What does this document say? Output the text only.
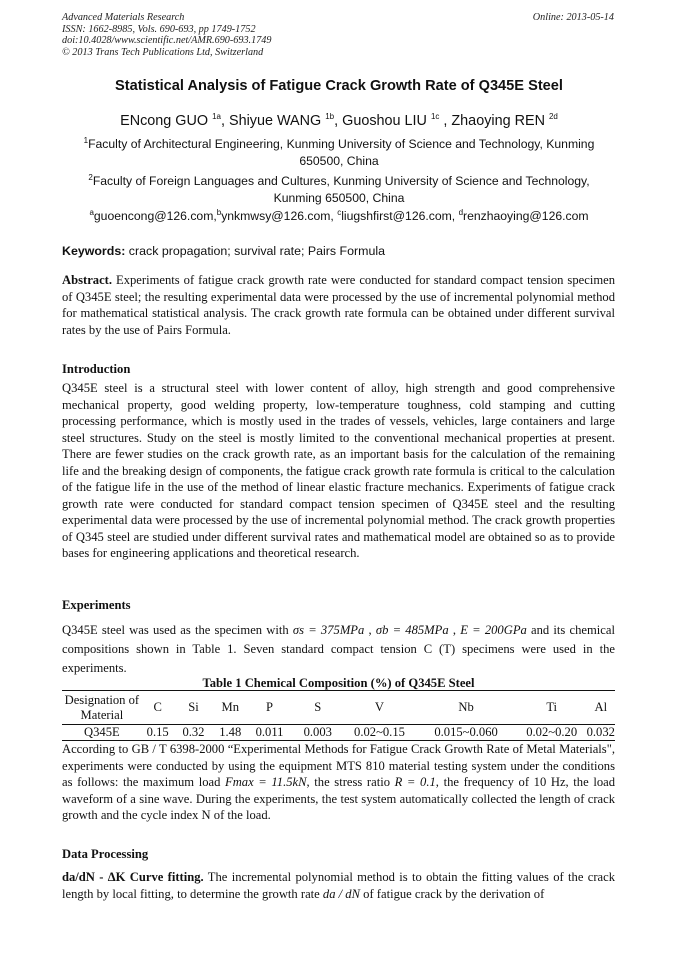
Advanced Materials Research
ISSN: 1662-8985, Vols. 690-693, pp 1749-1752
doi:10.4028/www.scientific.net/AMR.690-693.1749
© 2013 Trans Tech Publications Ltd, Switzerland
Online: 2013-05-14
Statistical Analysis of Fatigue Crack Growth Rate of Q345E Steel
ENcong GUO $^{1a}$, Shiyue WANG $^{1b}$, Guoshou LIU $^{1c}$ , Zhaoying REN $^{2d}$
$^1$Faculty of Architectural Engineering, Kunming University of Science and Technology, Kunming 650500, China
$^2$Faculty of Foreign Languages and Cultures, Kunming University of Science and Technology, Kunming 650500, China
$^a$guoencong@126.com,$^b$ynkmwsy@126.com, $^c$liugshfirst@126.com, $^d$renzhaoying@126.com
Keywords: crack propagation; survival rate; Pairs Formula
Abstract. Experiments of fatigue crack growth rate were conducted for standard compact tension specimen of Q345E steel; the resulting experimental data were processed by the use of incremental polynomial method for mathematical statistical analysis. The crack growth rate formula can be obtained under different survival rates by the use of Pairs Formula.
Introduction
Q345E steel is a structural steel with lower content of alloy, high strength and good comprehensive mechanical property, good welding property, low-temperature toughness, cold stamping and cutting processing performance, which is mostly used in the trades of vessels, vehicles, large containers and large steel structures. Study on the steel is mostly limited to the conventional mechanical properties at present. There are fewer studies on the crack growth rate, as an important basis for the calculation of the remaining life and the breaking design of components, the fatigue crack growth rate formula is critical to the calculation of the fatigue life in the use of the method of linear elastic fracture mechanics. Experiments of fatigue crack growth rate were conducted for standard compact tension specimen of Q345E steel and the resulting experimental data were processed by the use of incremental polynomial method. The crack growth properties of Q345 steel are studied under different survival rates and mathematical model are obtained so as to provide bases for engineering applications and theoretical research.
Experiments
Q345E steel was used as the specimen with σs = 375MPa , σb = 485MPa , E = 200GPa and its chemical compositions shown in Table 1. Seven standard compact tension C (T) specimens were used in the experiments.
Table 1 Chemical Composition (%) of Q345E Steel
Designation of Material	C	Si	Mn	P	S	V	Nb	Ti	Al
Q345E	0.15	0.32	1.48	0.011	0.003	0.02~0.15	0.015~0.060	0.02~0.20	0.032
According to GB / T 6398-2000 “Experimental Methods for Fatigue Crack Growth Rate of Metal Materials", experiments were conducted by using the equipment MTS 810 material testing system under the conditions as follows: the maximum load Fmax = 11.5kN, the stress ratio R = 0.1, the frequency of 10 Hz, the load waveform of a sine wave. During the experiments, the test system automatically collected the length of crack growth and the cycle index N of the load.
Data Processing
da/dN - ΔK Curve fitting. The incremental polynomial method is to obtain the fitting values of the crack length by local fitting, to determine the growth rate da / dN of fatigue crack by the derivation of
